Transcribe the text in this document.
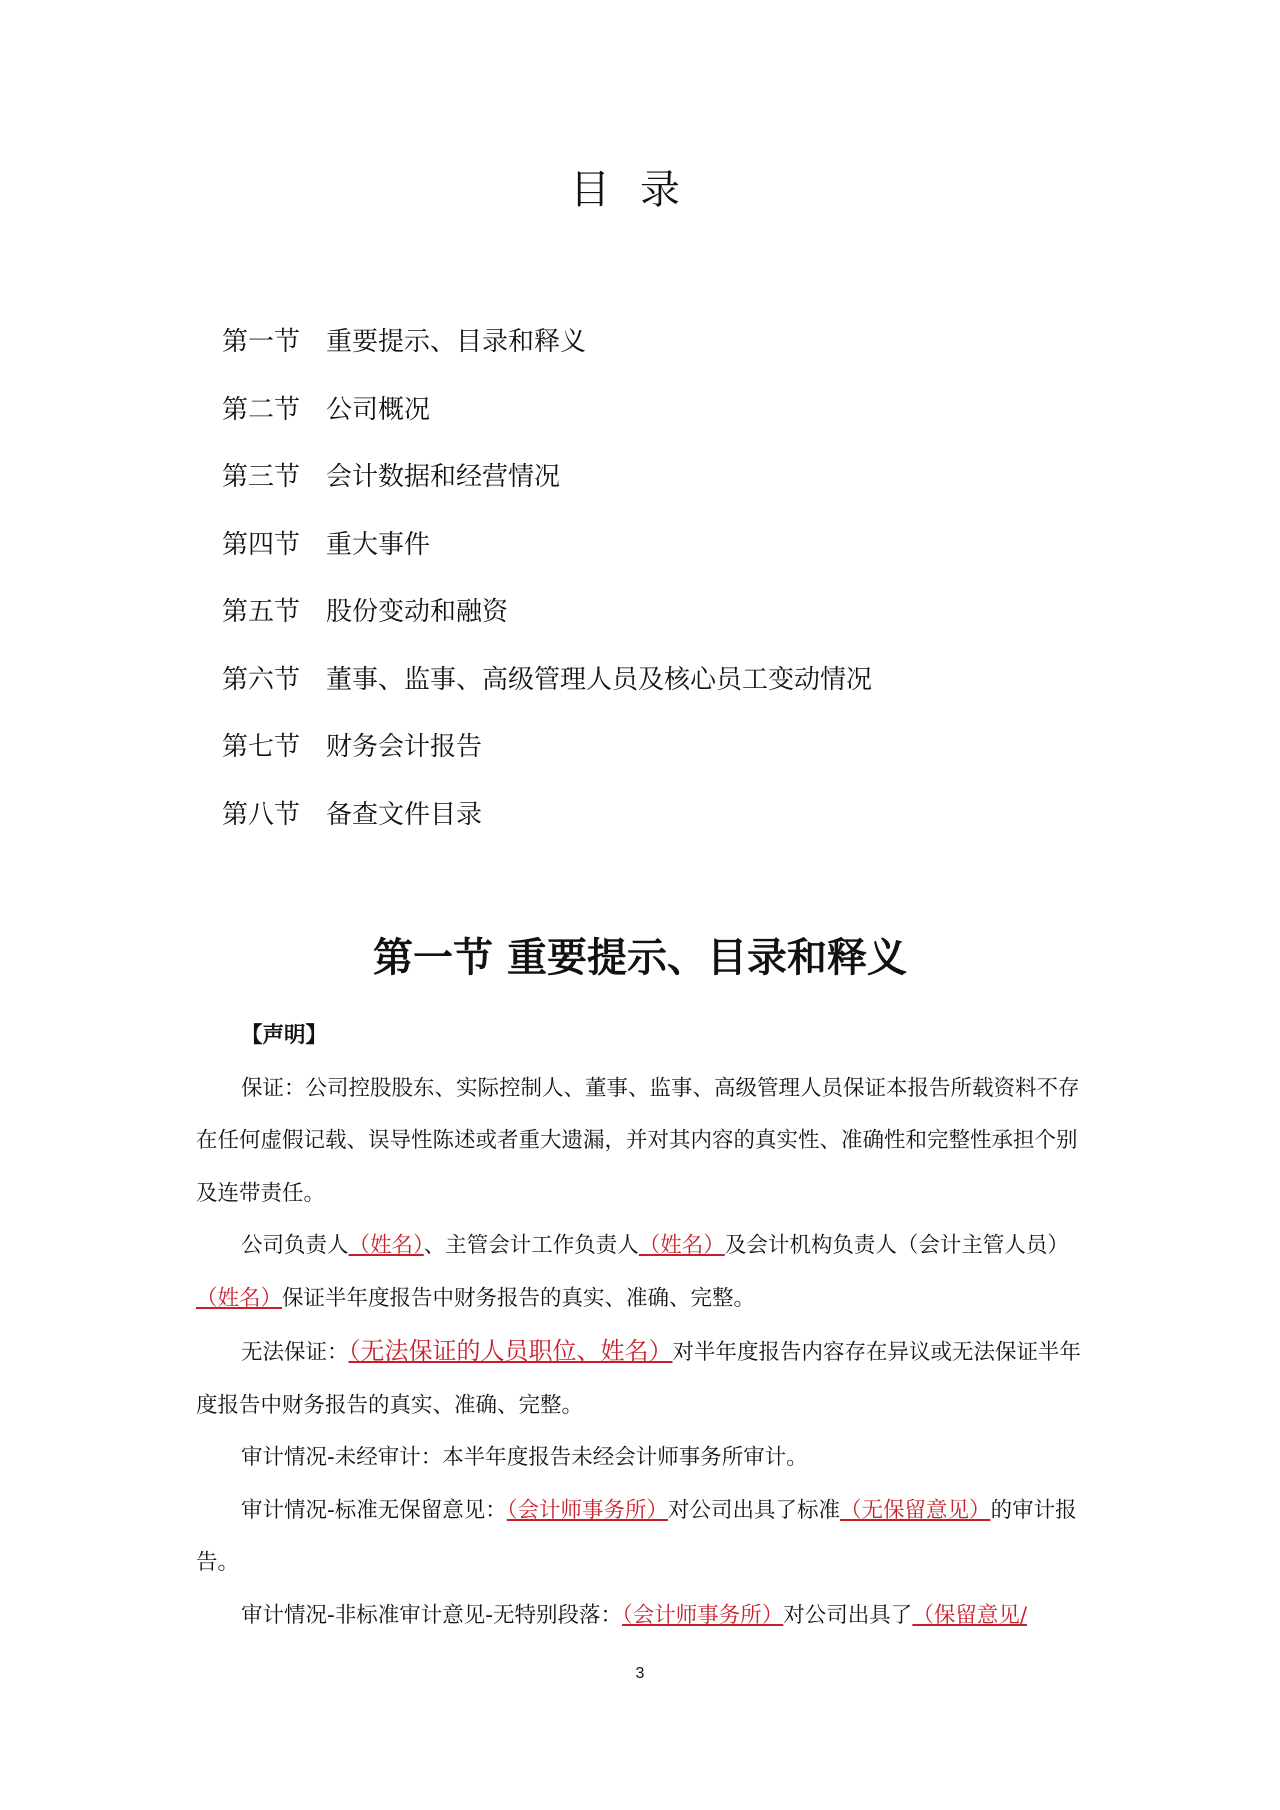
目录
第一节 重要提示、目录和释义
第二节 公司概况
第三节 会计数据和经营情况
第四节 重大事件
第五节 股份变动和融资
第六节 董事、监事、高级管理人员及核心员工变动情况
第七节 财务会计报告
第八节 备查文件目录
第一节 重要提示、目录和释义

【声明】

保证：公司控股股东、实际控制人、董事、监事、高级管理人员保证本报告所载资料不存在任何虚假记载、误导性陈述或者重大遗漏，并对其内容的真实性、准确性和完整性承担个别及连带责任。

公司负责人（姓名）、主管会计工作负责人（姓名）及会计机构负责人（会计主管人员）（姓名）保证半年度报告中财务报告的真实、准确、完整。

无法保证：（无法保证的人员职位、姓名）对半年度报告内容存在异议或无法保证半年度报告中财务报告的真实、准确、完整。

审计情况-未经审计：本半年度报告未经会计师事务所审计。

审计情况-标准无保留意见：（会计师事务所）对公司出具了标准（无保留意见）的审计报告。

审计情况-非标准审计意见-无特别段落：（会计师事务所）对公司出具了（保留意见/

3
